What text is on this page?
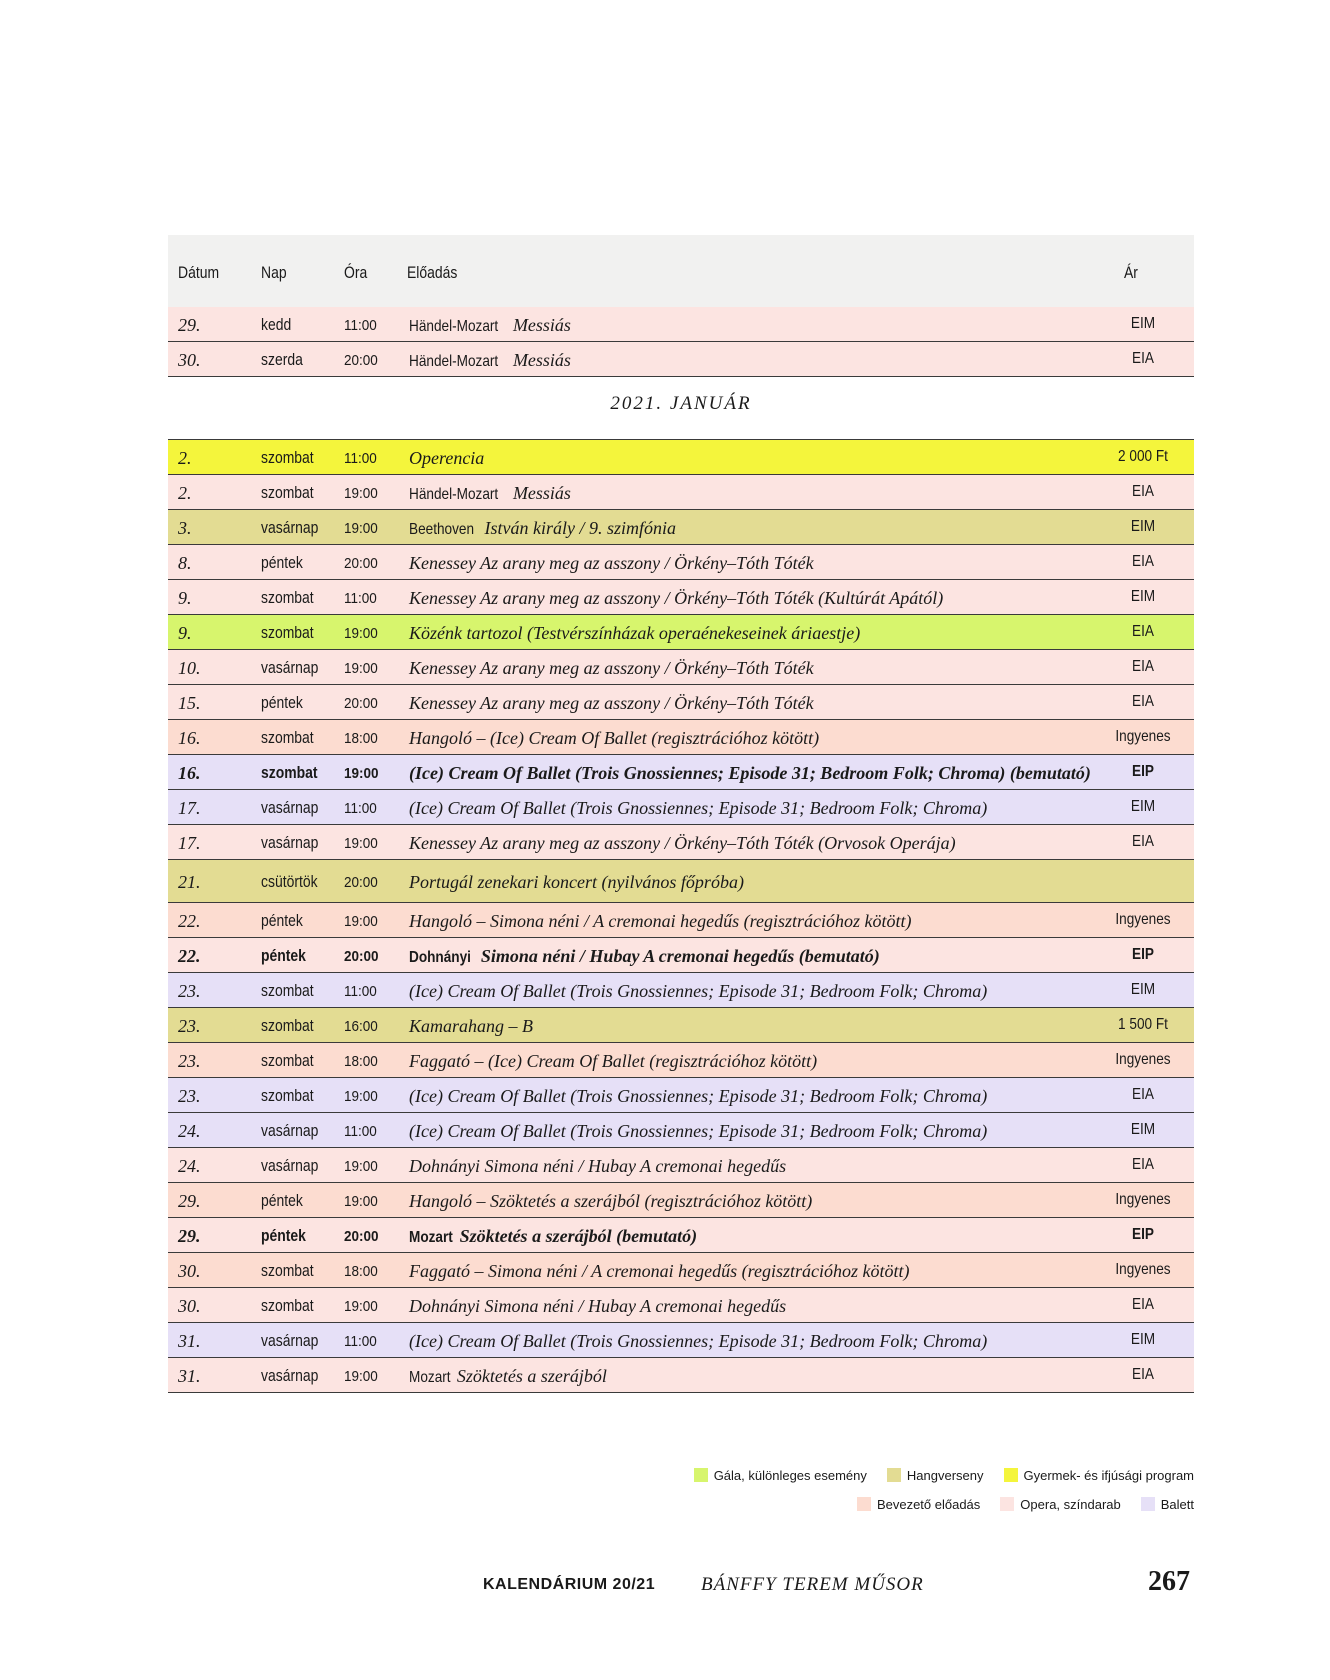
Dátum Nap	Óra Előadás	Ár
29.	kedd	11:00 Händel-Mozart Messiás	EIM
30.	szerda	20:00 Händel-Mozart Messiás	EIA
2021. JANUÁR
2.	szombat 11:00 Operencia	2 000 Ft
2.	szombat 19:00 Händel-Mozart Messiás	EIA
3.	vasárnap 19:00 Beethoven István király / 9. szimfónia	EIM
8.	péntek	20:00 Kenessey Az arany meg az asszony / Örkény–Tóth Tóték	EIA
9.	szombat 11:00 Kenessey Az arany meg az asszony / Örkény–Tóth Tóték (Kultúrát Apától)	EIM
9.	szombat 19:00 Közénk tartozol (Testvérszínházak operaénekeseinek áriaestje)	EIA
10.	vasárnap 19:00 Kenessey Az arany meg az asszony / Örkény–Tóth Tóték	EIA
15.	péntek	20:00 Kenessey Az arany meg az asszony / Örkény–Tóth Tóték	EIA
16.	szombat 18:00 Hangoló – (Ice) Cream Of Ballet (regisztrációhoz kötött)	Ingyenes
16.	szombat 19:00 (Ice) Cream Of Ballet (Trois Gnossiennes; Episode 31; Bedroom Folk; Chroma) (bemutató)	EIP
17.	vasárnap 11:00 (Ice) Cream Of Ballet (Trois Gnossiennes; Episode 31; Bedroom Folk; Chroma)	EIM
17.	vasárnap 19:00 Kenessey Az arany meg az asszony / Örkény–Tóth Tóték (Orvosok Operája)	EIA
21.	csütörtök 20:00 Portugál zenekari koncert (nyilvános főpróba)
22.	péntek	19:00 Hangoló – Simona néni / A cremonai hegedűs (regisztrációhoz kötött)	Ingyenes
22.	péntek	20:00 Dohnányi Simona néni / Hubay A cremonai hegedűs (bemutató)	EIP
23.	szombat 11:00 (Ice) Cream Of Ballet (Trois Gnossiennes; Episode 31; Bedroom Folk; Chroma)	EIM
23.	szombat 16:00 Kamarahang – B	1 500 Ft
23.	szombat 18:00 Faggató – (Ice) Cream Of Ballet (regisztrációhoz kötött)	Ingyenes
23.	szombat 19:00 (Ice) Cream Of Ballet (Trois Gnossiennes; Episode 31; Bedroom Folk; Chroma)	EIA
24.	vasárnap 11:00 (Ice) Cream Of Ballet (Trois Gnossiennes; Episode 31; Bedroom Folk; Chroma)	EIM
24.	vasárnap 19:00 Dohnányi Simona néni / Hubay A cremonai hegedűs	EIA
29.	péntek	19:00 Hangoló – Szöktetés a szerájból (regisztrációhoz kötött)	Ingyenes
29.	péntek	20:00 Mozart Szöktetés a szerájból (bemutató)	EIP
30.	szombat 18:00 Faggató – Simona néni / A cremonai hegedűs (regisztrációhoz kötött)	Ingyenes
30.	szombat 19:00 Dohnányi Simona néni / Hubay A cremonai hegedűs	EIA
31.	vasárnap 11:00 (Ice) Cream Of Ballet (Trois Gnossiennes; Episode 31; Bedroom Folk; Chroma)	EIM
31.	vasárnap 19:00 Mozart Szöktetés a szerájból	EIA
Gála, különleges esemény	Hangverseny	Gyermek- és ifjúsági program
Bevezető előadás	Opera, színdarab	Balett
KALENDÁRIUM 20/21 BÁNFFY TEREM MŰSOR	267
